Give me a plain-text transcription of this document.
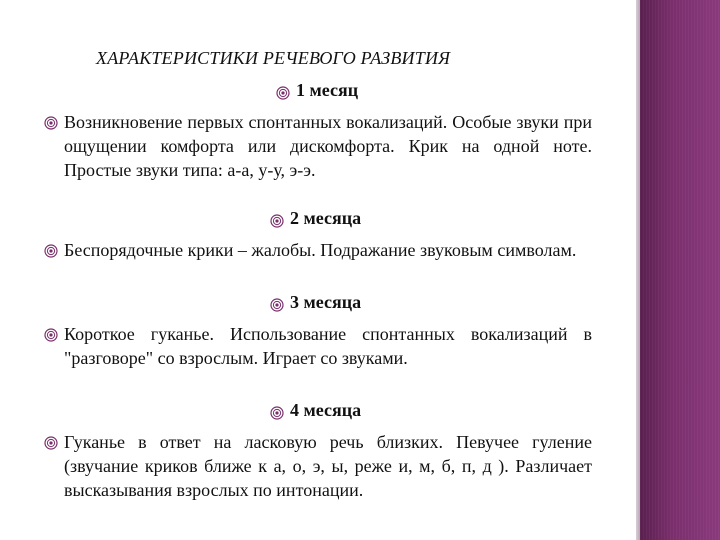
ХАРАКТЕРИСТИКИ РЕЧЕВОГО РАЗВИТИЯ
1 месяц
Возникновение первых спонтанных вокализаций. Особые звуки при ощущении комфорта или дискомфорта. Крик на одной ноте. Простые звуки типа: а-а, у-у, э-э.
2 месяца
Беспорядочные крики – жалобы. Подражание звуковым символам.
3 месяца
Короткое гуканье. Использование спонтанных вокализаций в "разговоре" со взрослым. Играет со звуками.
4 месяца
Гуканье в ответ на ласковую речь близких. Певучее гуление (звучание криков ближе к а, о, э, ы, реже и, м, б, п, д ). Различает высказывания взрослых по интонации.
